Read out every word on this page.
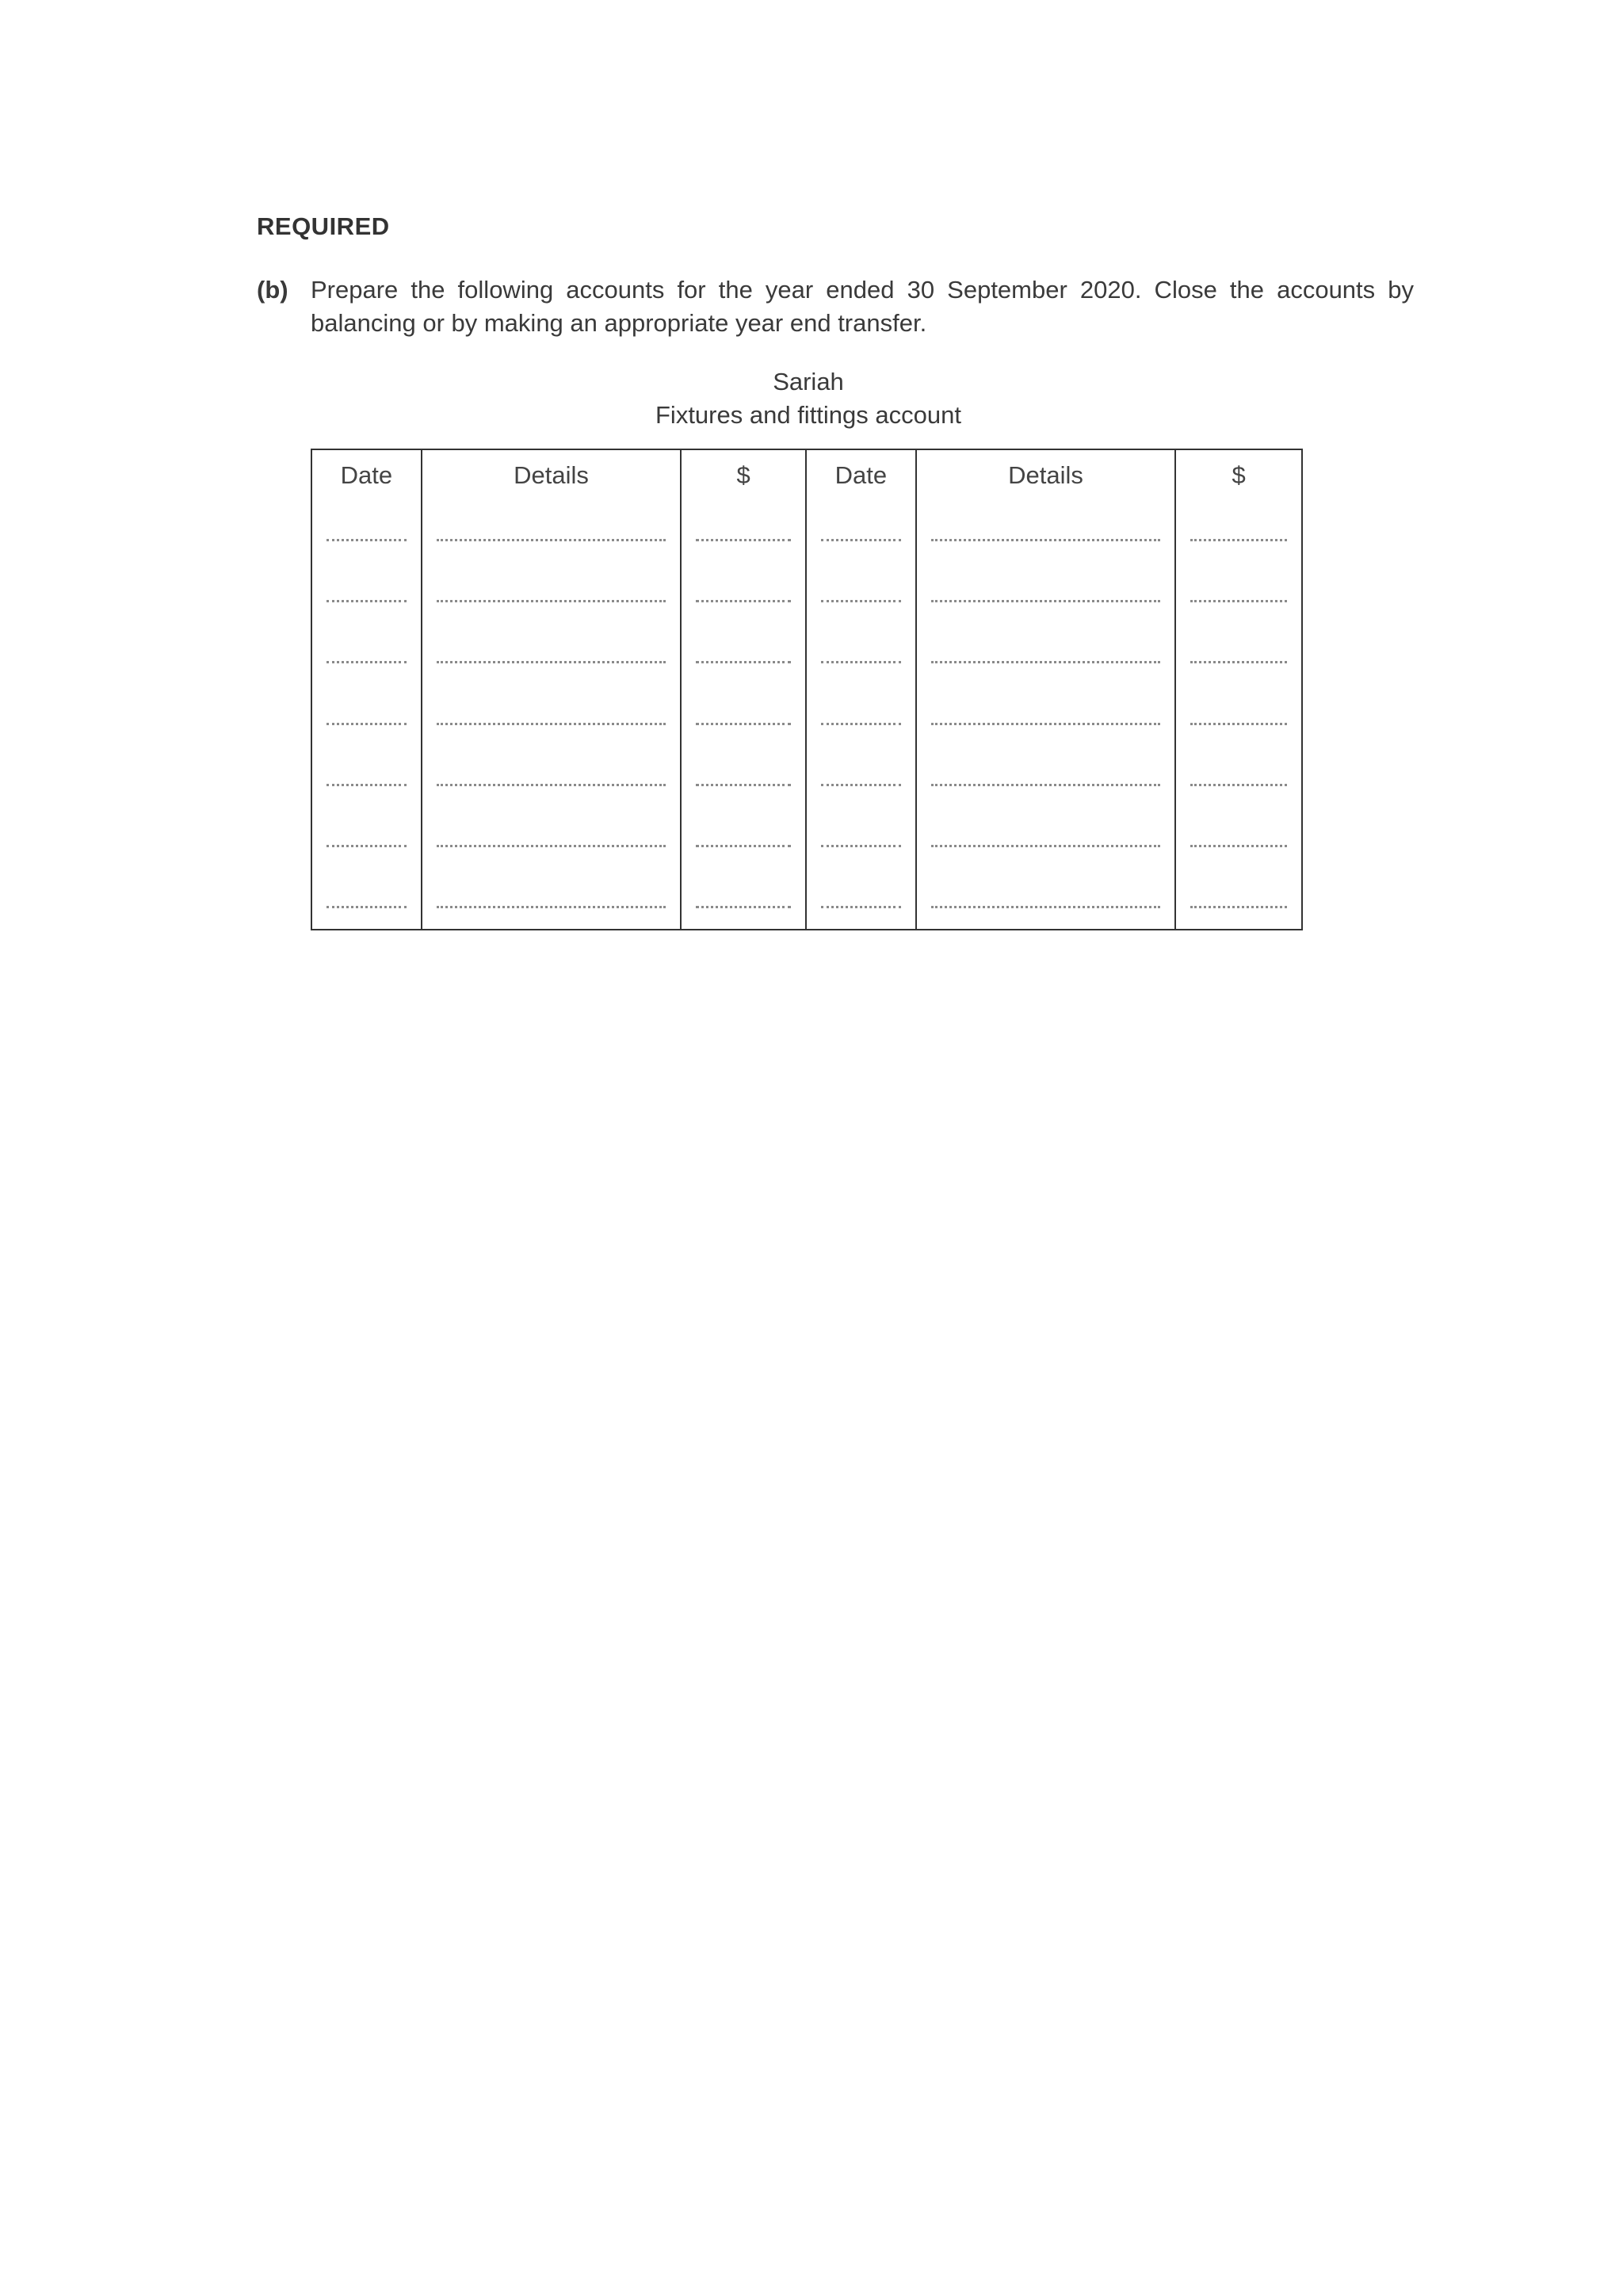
REQUIRED
(b) Prepare the following accounts for the year ended 30 September 2020. Close the accounts by balancing or by making an appropriate year end transfer.
Sariah
Fixtures and fittings account
Date	Details	$	Date	Details	$
